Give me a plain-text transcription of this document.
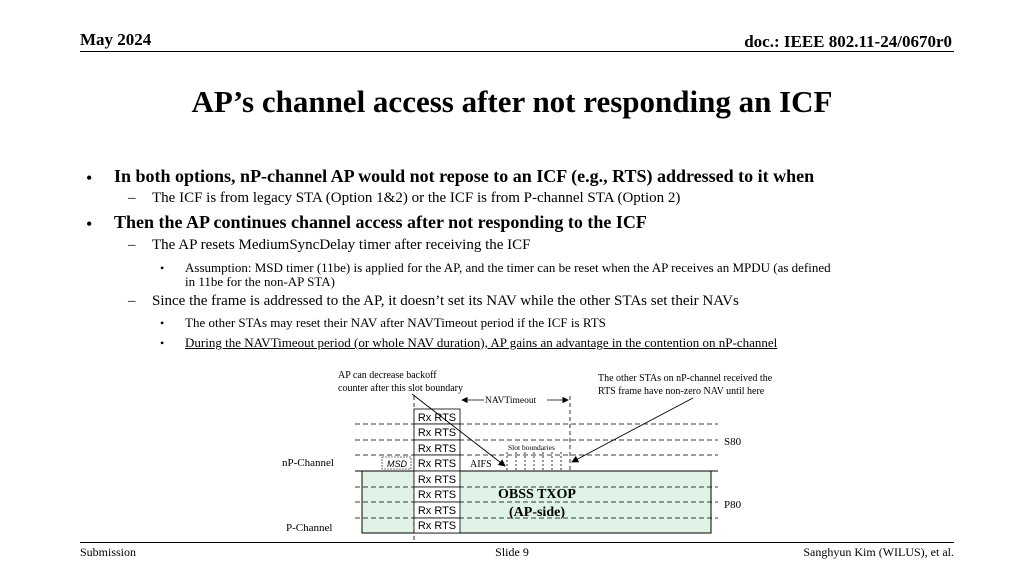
May 2024	doc.: IEEE 802.11-24/0670r0
AP’s channel access after not responding an ICF
• In both options, nP-channel AP would not repose to an ICF (e.g., RTS) addressed to it when
– The ICF is from legacy STA (Option 1&2) or the ICF is from P-channel STA (Option 2)
• Then the AP continues channel access after not responding to the ICF
– The AP resets MediumSyncDelay timer after receiving the ICF
• Assumption: MSD timer (11be) is applied for the AP, and the timer can be reset when the AP receives an MPDU (as defined
in 11be for the non-AP STA)
– Since the frame is addressed to the AP, it doesn’t set its NAV while the other STAs set their NAVs
• The other STAs may reset their NAV after NAVTimeout period if the ICF is RTS
• During the NAVTimeout period (or whole NAV duration), AP gains an advantage in the contention on nP-channel
Rx RTS
Rx RTS
Rx RTS
Rx RTS
Rx RTS
Rx RTS
Rx RTS
Rx RTS
MSD
AP can decrease backoff
counter after this slot boundary
NAVTimeout
The other STAs on nP-channel received the
RTS frame have non-zero NAV until here
Slot boundaries	S80
nP-Channel	AIFS
OBSS TXOP
(AP-side)	P80
P-Channel
Submission	Slide 9	Sanghyun Kim (WILUS), et al.
